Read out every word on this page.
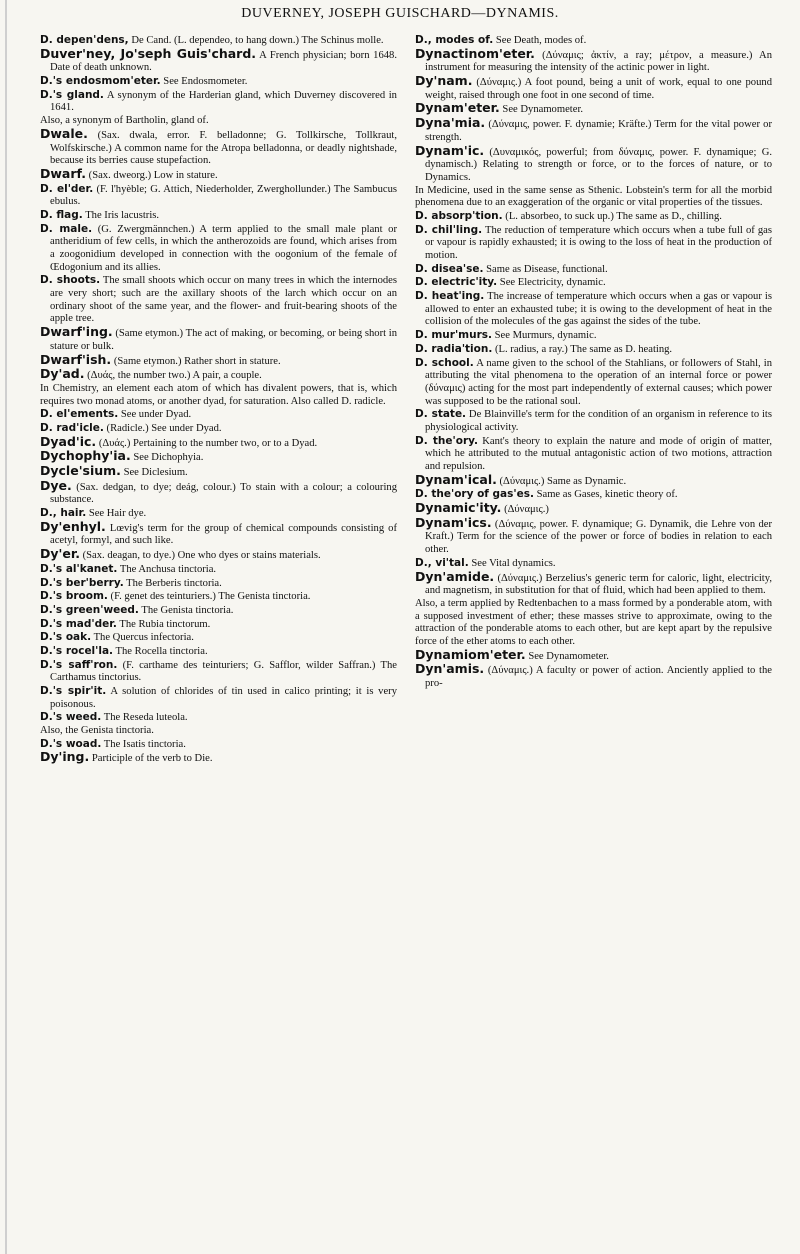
DUVERNEY, JOSEPH GUISCHARD—DYNAMIS.

D. depen'dens, De Cand. (L. dependeo, to hang down.) The Schinus molle.

Duver'ney, Jo'seph Guis'chard. A French physician; born 1648. Date of death unknown.

D.'s endosmom'eter. See Endosmometer.

D.'s gland. A synonym of the Harderian gland, which Duverney discovered in 1641.

Also, a synonym of Bartholin, gland of.

Dwale. (Sax. dwala, error. F. belladonne; G. Tollkirsche, Tollkraut, Wolfskirsche.) A common name for the Atropa belladonna, or deadly nightshade, because its berries cause stupefaction.

Dwarf. (Sax. dweorg.) Low in stature.

D. el'der. (F. l'hyèble; G. Attich, Niederholder, Zwerghollunder.) The Sambucus ebulus.

D. flag. The Iris lacustris.

D. male. (G. Zwergmännchen.) A term applied to the small male plant or antheridium of few cells, in which the antherozoids are found, which arises from a zoogonidium developed in connection with the oogonium of the female of Œdogonium and its allies.

D. shoots. The small shoots which occur on many trees in which the internodes are very short; such are the axillary shoots of the larch which occur on an ordinary shoot of the same year, and the flower- and fruit-bearing shoots of the apple tree.

Dwarf'ing. (Same etymon.) The act of making, or becoming, or being short in stature or bulk.

Dwarf'ish. (Same etymon.) Rather short in stature.

Dy'ad. (Δυάς, the number two.) A pair, a couple.

In Chemistry, an element each atom of which has divalent powers, that is, which requires two monad atoms, or another dyad, for saturation. Also called D. radicle.

D. el'ements. See under Dyad.

D. rad'icle. (Radicle.) See under Dyad.

Dyad'ic. (Δυάς.) Pertaining to the number two, or to a Dyad.

Dychophy'ia. See Dichophyia.

Dycle'sium. See Diclesium.

Dye. (Sax. dedgan, to dye; deág, colour.) To stain with a colour; a colouring substance.

D., hair. See Hair dye.

Dy'enhyl. Lœvig's term for the group of chemical compounds consisting of acetyl, formyl, and such like.

Dy'er. (Sax. deagan, to dye.) One who dyes or stains materials.

D.'s al'kanet. The Anchusa tinctoria.

D.'s ber'berry. The Berberis tinctoria.

D.'s broom. (F. genet des teinturiers.) The Genista tinctoria.

D.'s green'weed. The Genista tinctoria.

D.'s mad'der. The Rubia tinctorum.

D.'s oak. The Quercus infectoria.

D.'s rocel'la. The Rocella tinctoria.

D.'s saff'ron. (F. carthame des teinturiers; G. Safflor, wilder Saffran.) The Carthamus tinctorius.

D.'s spir'it. A solution of chlorides of tin used in calico printing; it is very poisonous.

D.'s weed. The Reseda luteola.

Also, the Genista tinctoria.

D.'s woad. The Isatis tinctoria.

Dy'ing. Participle of the verb to Die.

D., modes of. See Death, modes of.

Dynactinom'eter. (Δύναμις; ἀκτίν, a ray; μέτρον, a measure.) An instrument for measuring the intensity of the actinic power in light.

Dy'nam. (Δύναμις.) A foot pound, being a unit of work, equal to one pound weight, raised through one foot in one second of time.

Dynam'eter. See Dynamometer.

Dyna'mia. (Δύναμις, power. F. dynamie; Kräfte.) Term for the vital power or strength.

Dynam'ic. (Δυναμικός, powerful; from δύναμις, power. F. dynamique; G. dynamisch.) Relating to strength or force, or to the forces of nature, or to Dynamics.

In Medicine, used in the same sense as Sthenic. Lobstein's term for all the morbid phenomena due to an exaggeration of the organic or vital properties of the tissues.

D. absorp'tion. (L. absorbeo, to suck up.) The same as D., chilling.

D. chil'ling. The reduction of temperature which occurs when a tube full of gas or vapour is rapidly exhausted; it is owing to the loss of heat in the production of motion.

D. disea'se. Same as Disease, functional.

D. electric'ity. See Electricity, dynamic.

D. heat'ing. The increase of temperature which occurs when a gas or vapour is allowed to enter an exhausted tube; it is owing to the development of heat in the collision of the molecules of the gas against the sides of the tube.

D. mur'murs. See Murmurs, dynamic.

D. radia'tion. (L. radius, a ray.) The same as D. heating.

D. school. A name given to the school of the Stahlians, or followers of Stahl, in attributing the vital phenomena to the operation of an internal force or power (δύναμις) acting for the most part independently of external causes; which power was supposed to be the rational soul.

D. state. De Blainville's term for the condition of an organism in reference to its physiological activity.

D. the'ory. Kant's theory to explain the nature and mode of origin of matter, which he attributed to the mutual antagonistic action of two motions, attraction and repulsion.

Dynam'ical. (Δύναμις.) Same as Dynamic.

D. the'ory of gas'es. Same as Gases, kinetic theory of.

Dynamic'ity. (Δύναμις.)

Dynam'ics. (Δύναμις, power. F. dynamique; G. Dynamik, die Lehre von der Kraft.) Term for the science of the power or force of bodies in relation to each other.

D., vi'tal. See Vital dynamics.

Dyn'amide. (Δύναμις.) Berzelius's generic term for caloric, light, electricity, and magnetism, in substitution for that of fluid, which had been applied to them.

Also, a term applied by Redtenbachen to a mass formed by a ponderable atom, with a supposed investment of ether; these masses strive to approximate, owing to the attraction of the ponderable atoms to each other, but are kept apart by the repulsive force of the ether atoms to each other.

Dynamiom'eter. See Dynamometer.

Dyn'amis. (Δύναμις.) A faculty or power of action. Anciently applied to the pro-
